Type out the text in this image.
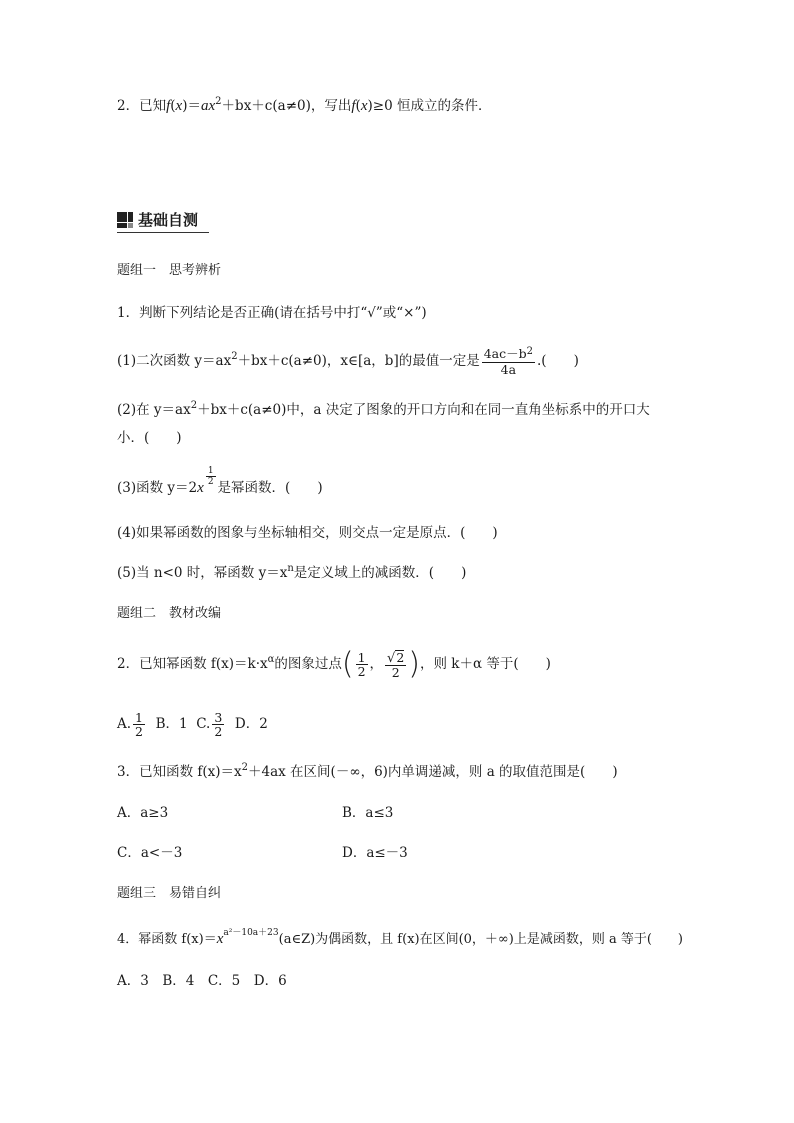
2．已知$f(x)=ax^2+bx+c(a\ne 0)$，写出f(x)≥0 恒成立的条件．
基础自测
题组一　思考辨析
1．判断下列结论是否正确(请在括号中打“√”或“×”)
(1)二次函数 $y=ax^2+bx+c(a\ne 0)$，x∈[a，b]的最值一定是 $\frac{4ac-b^2}{4a}$ .(　　)
(2)在 $y=ax^2+bx+c(a\ne 0)$中，a 决定了图象的开口方向和在同一直角坐标系中的开口大
小．(　　)
(3)函数 y＝2x
$\frac{1}{2}$
是幂函数．(　　)
(4)如果幂函数的图象与坐标轴相交，则交点一定是原点．(　　)
(5)当 n<0 时，幂函数 $y=x^n$是定义域上的减函数．(　　)
题组二　教材改编
2．已知幂函数 $f(x)=k\cdot x^\alpha$的图象过点( $\frac{1}{2}$ ， $\frac{√2}{2}$ )，则 k＋α 等于(　　)
A. $\frac{1}{2}$ B．1 C. $\frac{3}{2}$ D．2
3．已知函数 $f(x)=x^2+4ax$ 在区间(－∞，6)内单调递减，则 a 的取值范围是(　　)
A．a≥3	B．a≤3
C．a<－3	D．a≤－3
题组三　易错自纠
4．幂函数 $f(x)=x^{a^2-10a+23}(a\in Z)$为偶函数，且 f(x)在区间(0，＋∞)上是减函数，则 a 等于(　　)
A．3　B．4　C．5　D．6
